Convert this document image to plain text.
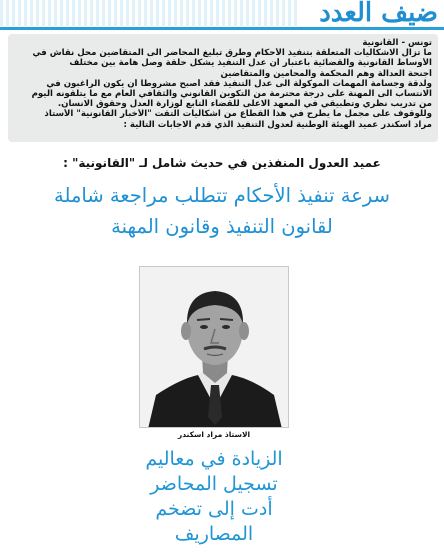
ضيف العدد
تونس - القانونية
ما تزال الاشكاليات المتعلقة بتنفيذ الأحكام وطرق تبليغ المحاضر الى المتقاضين محل نقاش في
الأوساط القانونية والقضائية باعتبار أن عدل التنفيذ يشكل حلقة وصل هامة بين مختلف
أجنحة العدالة وهم المحكمة والمحامين والمتقاضين
ولدقة وجسامة المهمات الموكولة الى عدل التنفيذ فقد أصبح مشروطا أن يكون الراغبون في
الانتساب الى المهنة على درجة محترمة من التكوين القانوني والثقافي العام مع ما يتلقونه اليوم
من تدريب نظري وتطبيقي في المعهد الاعلى للقضاء التابع لوزارة العدل وحقوق الانسان.
وللوقوف على مجمل ما يطرح في هذا القطاع من اشكاليات التقت "الأخبار القانونية" الأستاذ
مراد اسكندر عميد الهيئة الوطنية لعدول التنفيذ الذي قدم الاجابات التالية :
عميد العدول المنفذين في حديث شامل لـ "القانونية" :
سرعة تنفيذ الأحكام تتطلب مراجعة شاملة
لقانون التنفيذ وقانون المهنة
الاستاذ مراد اسكندر
الزيادة في معاليم
تسجيل المحاضر
أدت إلى تضخم
المصاريف
